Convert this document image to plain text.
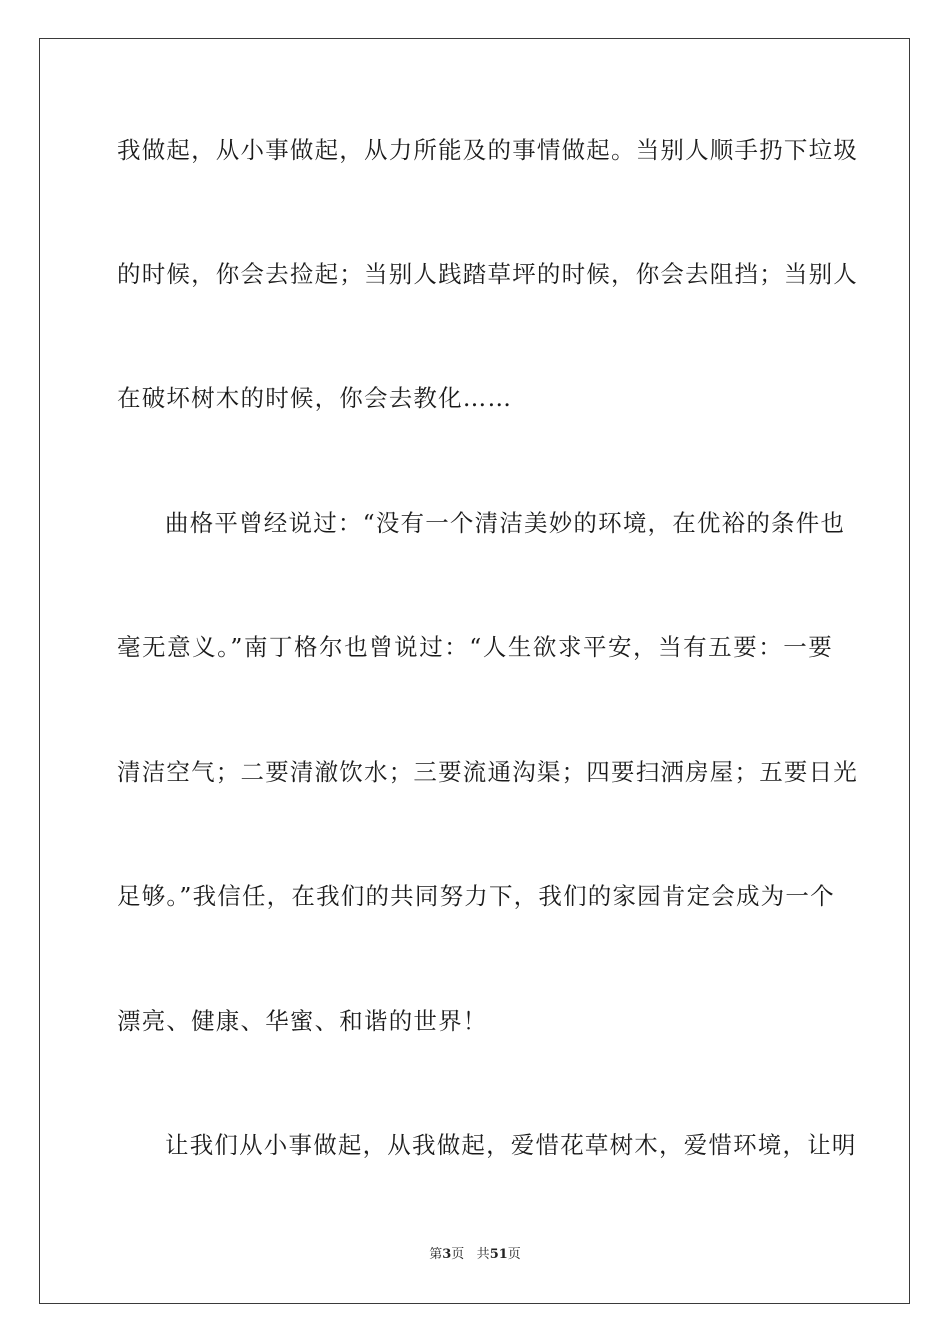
我做起，从小事做起，从力所能及的事情做起。当别人顺手扔下垃圾
的时候，你会去捡起；当别人践踏草坪的时候，你会去阻挡；当别人
在破坏树木的时候，你会去教化……
曲格平曾经说过：“没有一个清洁美妙的环境，在优裕的条件也
毫无意义。”南丁格尔也曾说过：“人生欲求平安，当有五要：一要
清洁空气；二要清澈饮水；三要流通沟渠；四要扫洒房屋；五要日光
足够。”我信任，在我们的共同努力下，我们的家园肯定会成为一个
漂亮、健康、华蜜、和谐的世界！
让我们从小事做起，从我做起，爱惜花草树木，爱惜环境，让明
第3页 共51页
